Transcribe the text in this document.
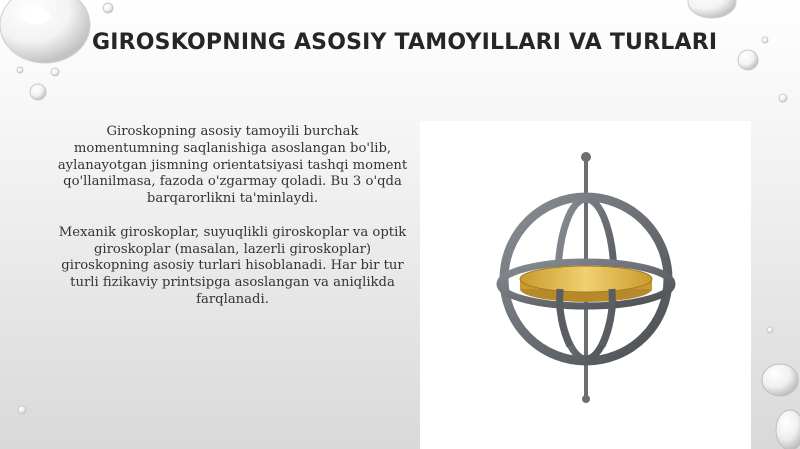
GIROSKOPNING ASOSIY TAMOYILLARI VA TURLARI

Giroskopning asosiy tamoyili burchak momentumning saqlanishiga asoslangan bo'lib, aylanayotgan jismning orientatsiyasi tashqi moment qo'llanilmasa, fazoda o'zgarmay qoladi. Bu 3 o'qda barqarorlikni ta'minlaydi.

Mexanik giroskoplar, suyuqlikli giroskoplar va optik giroskoplar (masalan, lazerli giroskoplar) giroskopning asosiy turlari hisoblanadi. Har bir tur turli fizikaviy printsipga asoslangan va aniqlikda farqlanadi.
